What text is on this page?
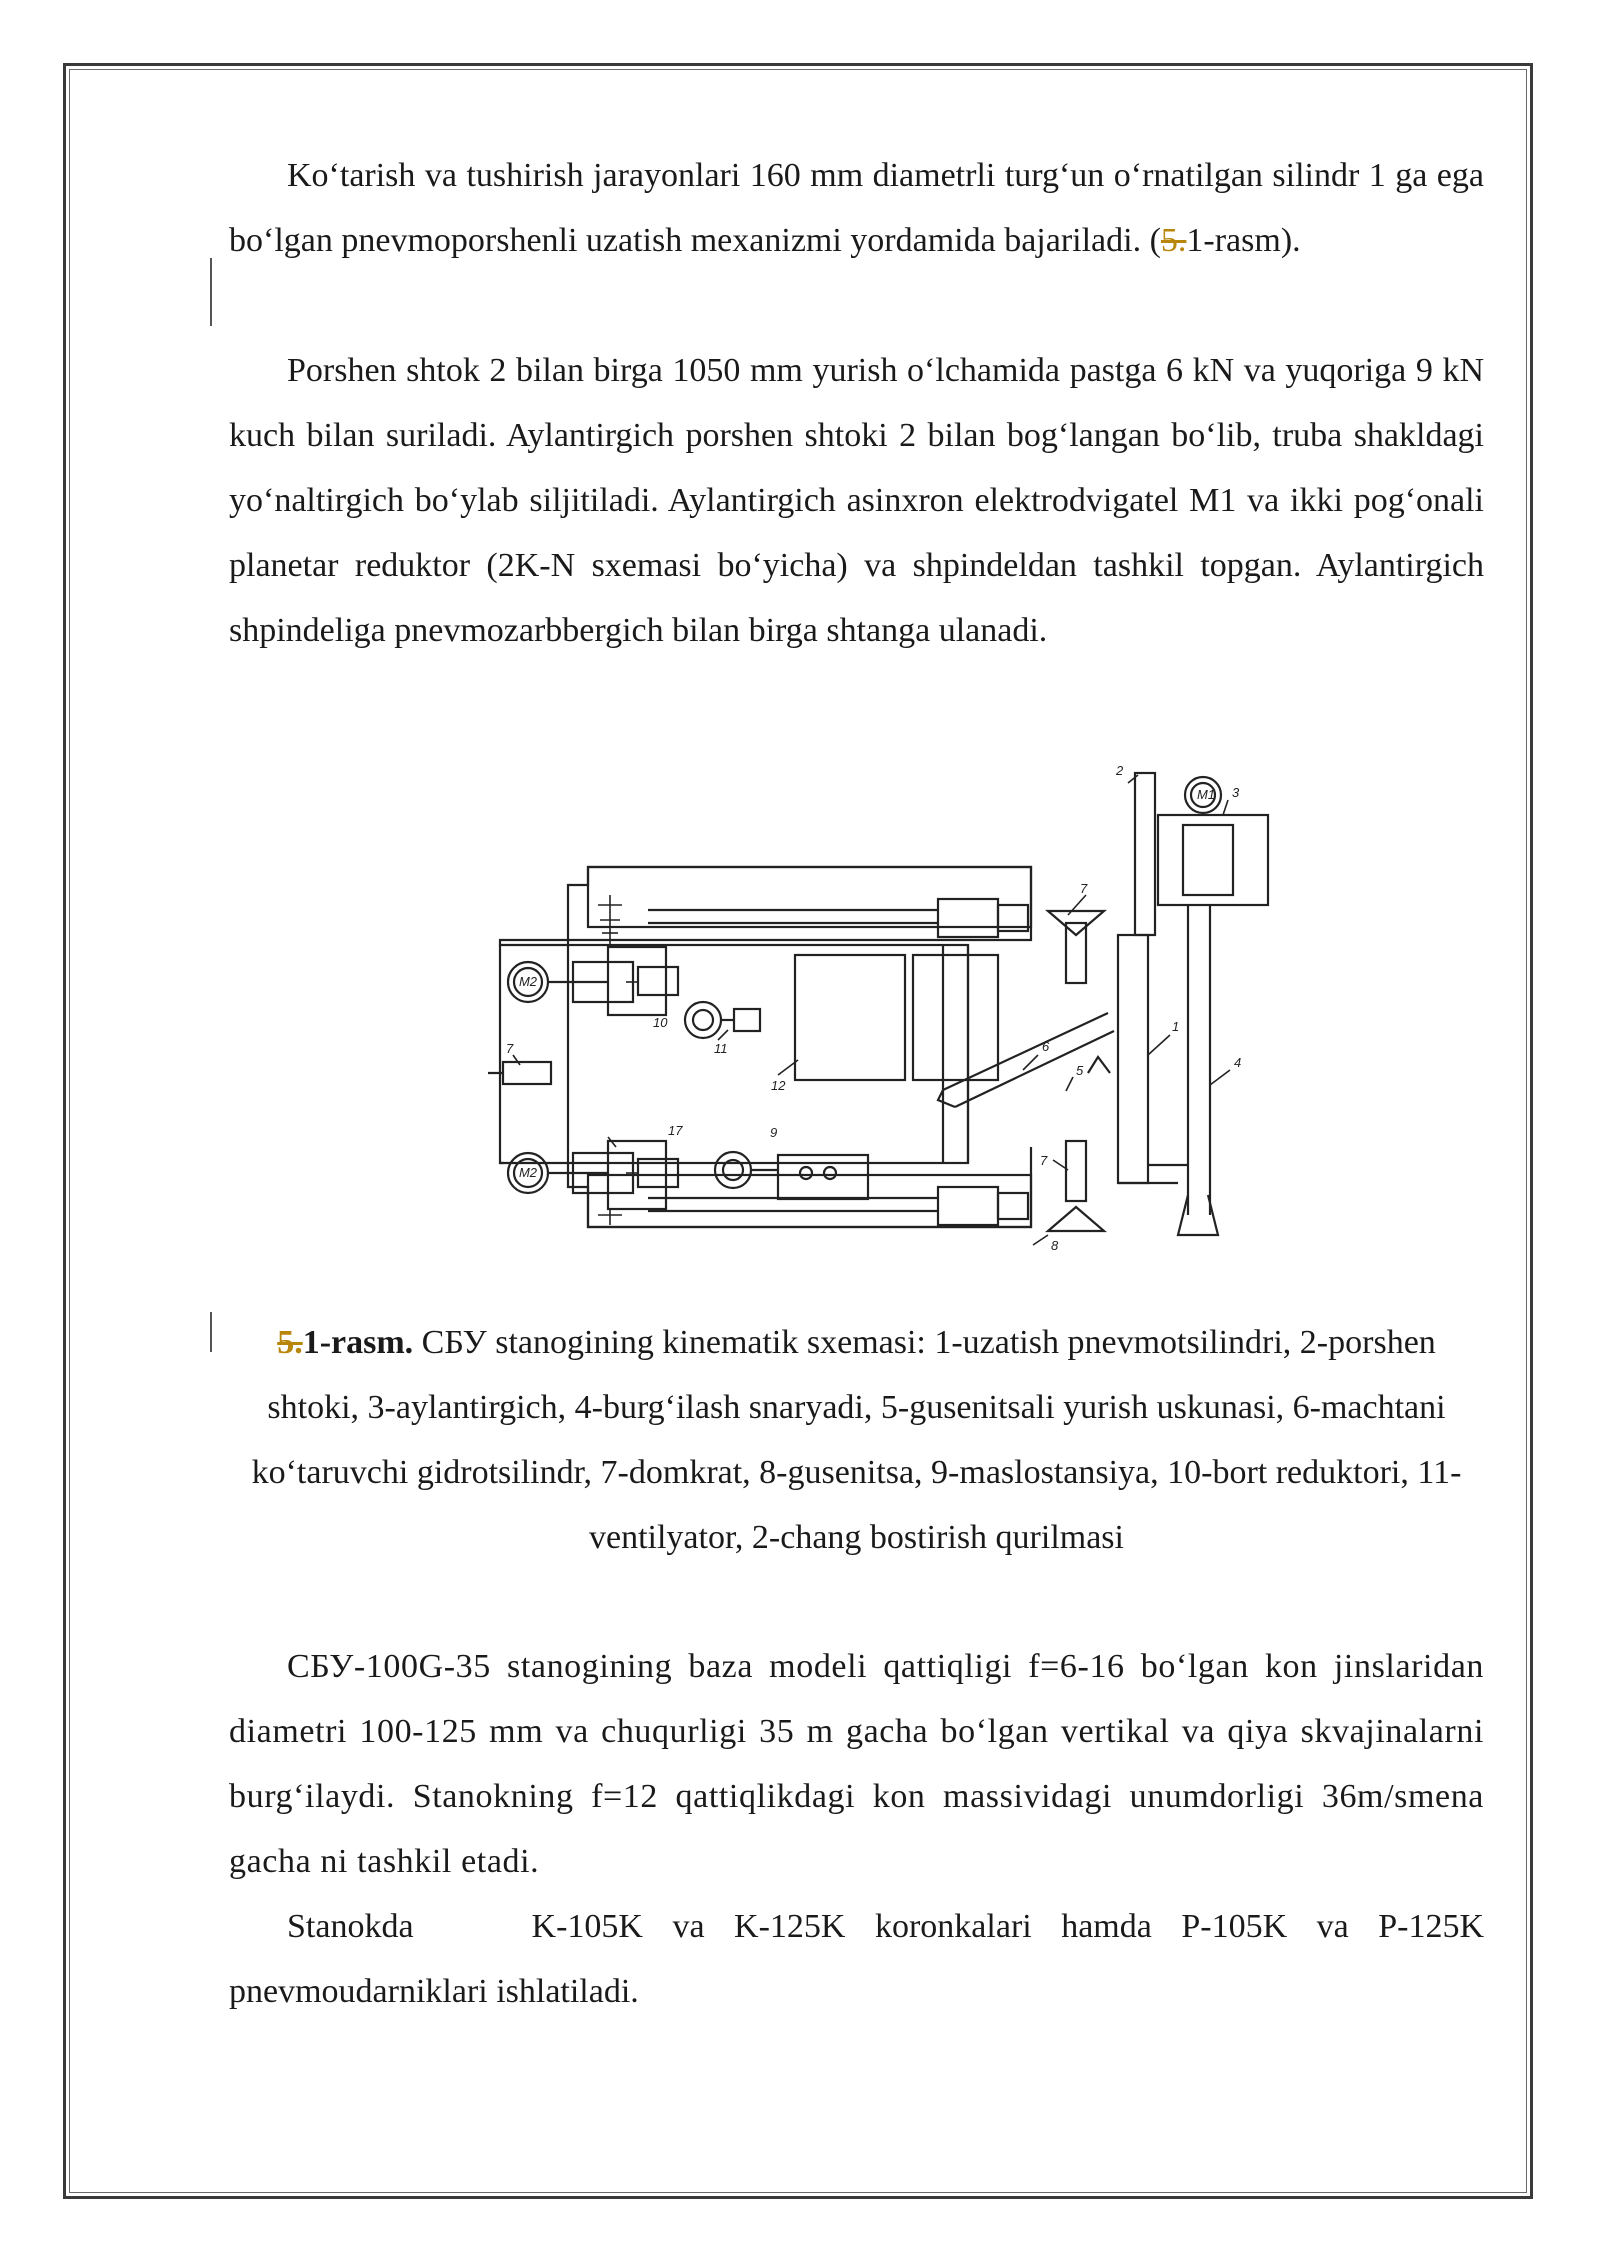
Ko‘tarish va tushirish jarayonlari 160 mm diametrli turg‘un o‘rnatilgan silindr 1 ga ega bo‘lgan pnevmoporshenli uzatish mexanizmi yordamida bajariladi. (5.1-rasm).

Porshen shtok 2 bilan birga 1050 mm yurish o‘lchamida pastga 6 kN va yuqoriga 9 kN kuch bilan suriladi. Aylantirgich porshen shtoki 2 bilan bog‘langan bo‘lib, truba shakldagi yo‘naltirgich bo‘ylab siljitiladi. Aylantirgich asinxron elektrodvigatel M1 va ikki pog‘onali planetar reduktor (2K-N sxemasi bo‘yicha) va shpindeldan tashkil topgan. Aylantirgich shpindeliga pnevmozarbbergich bilan birga shtanga ulanadi.

M1
M2
M2
2
3
7
1
4
10
11
12
6
5
7
17	9
7
8

5.1-rasm. СБУ stanogining kinematik sxemasi: 1-uzatish pnevmotsilindri, 2-porshen shtoki, 3-aylantirgich, 4-burg‘ilash snaryadi, 5-gusenitsali yurish uskunasi, 6-machtani ko‘taruvchi gidrotsilindr, 7-domkrat, 8-gusenitsa, 9-maslostansiya, 10-bort reduktori, 11-ventilyator, 2-chang bostirish qurilmasi

СБУ-100G-35 stanogining baza modeli qattiqligi f=6-16 bo‘lgan kon jinslaridan diametri 100-125 mm va chuqurligi 35 m gacha bo‘lgan vertikal va qiya skvajinalarni burg‘ilaydi. Stanokning f=12 qattiqlikdagi kon massividagi unumdorligi 36m/smena gacha ni tashkil etadi.

Stanokda    K-105K va K-125K koronkalari hamda P-105K va P-125K pnevmoudarniklari ishlatiladi.
